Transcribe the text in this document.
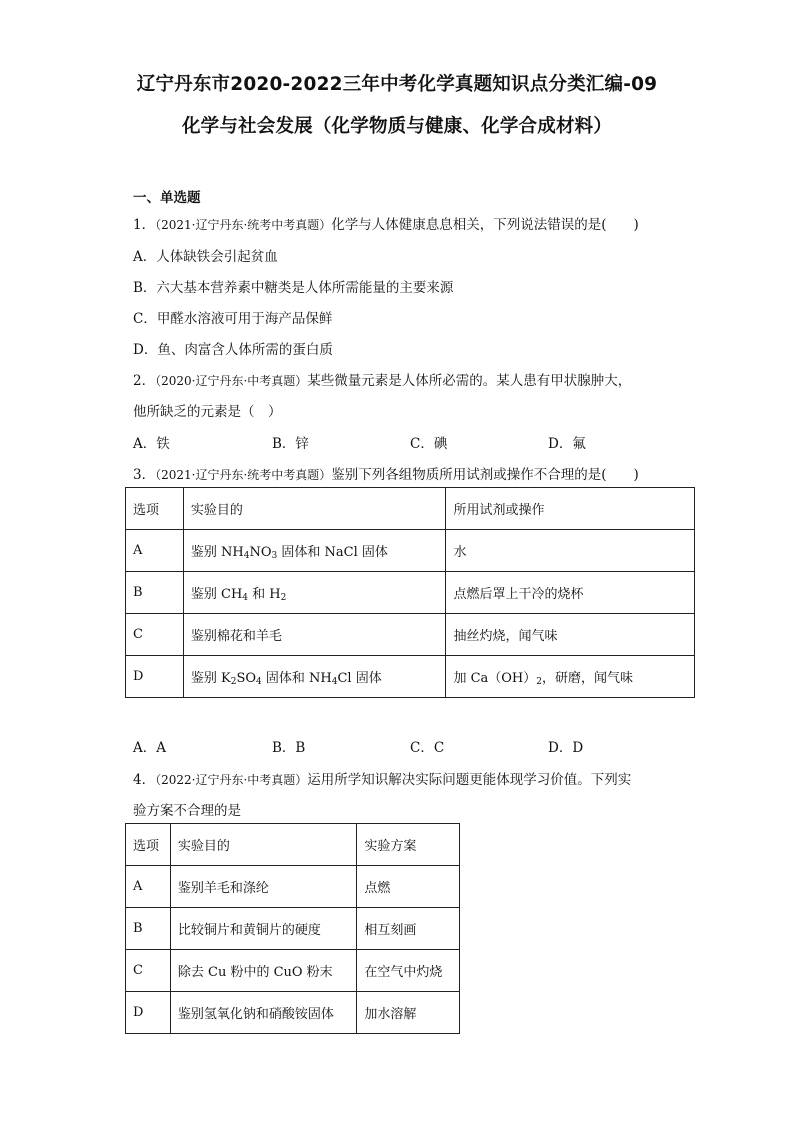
辽宁丹东市2020-2022三年中考化学真题知识点分类汇编-09
化学与社会发展（化学物质与健康、化学合成材料）
一、单选题
1．（2021·辽宁丹东·统考中考真题）化学与人体健康息息相关，下列说法错误的是(　　)
A．人体缺铁会引起贫血
B．六大基本营养素中糖类是人体所需能量的主要来源
C．甲醛水溶液可用于海产品保鲜
D．鱼、肉富含人体所需的蛋白质
2．（2020·辽宁丹东·中考真题）某些微量元素是人体所必需的。某人患有甲状腺肿大，
他所缺乏的元素是（　）
A．铁	B．锌	C．碘	D．氟
3．（2021·辽宁丹东·统考中考真题）鉴别下列各组物质所用试剂或操作不合理的是(　　)
选项	实验目的	所用试剂或操作
A	鉴别 $NH_4NO_3$ 固体和 NaCl 固体	水
B	鉴别 $CH_4$ 和 $H_2$	点燃后罩上干冷的烧杯
C	鉴别棉花和羊毛	抽丝灼烧，闻气味
D	鉴别 $K_2SO_4$ 固体和 $NH_4Cl$ 固体	加 $Ca(OH)_2$，研磨，闻气味
A．A	B．B	C．C	D．D
4．（2022·辽宁丹东·中考真题）运用所学知识解决实际问题更能体现学习价值。下列实
验方案不合理的是
选项	实验目的	实验方案
A	鉴别羊毛和涤纶	点燃
B	比较铜片和黄铜片的硬度	相互刻画
C	除去 Cu 粉中的 CuO 粉末	在空气中灼烧
D	鉴别氢氧化钠和硝酸铵固体	加水溶解
